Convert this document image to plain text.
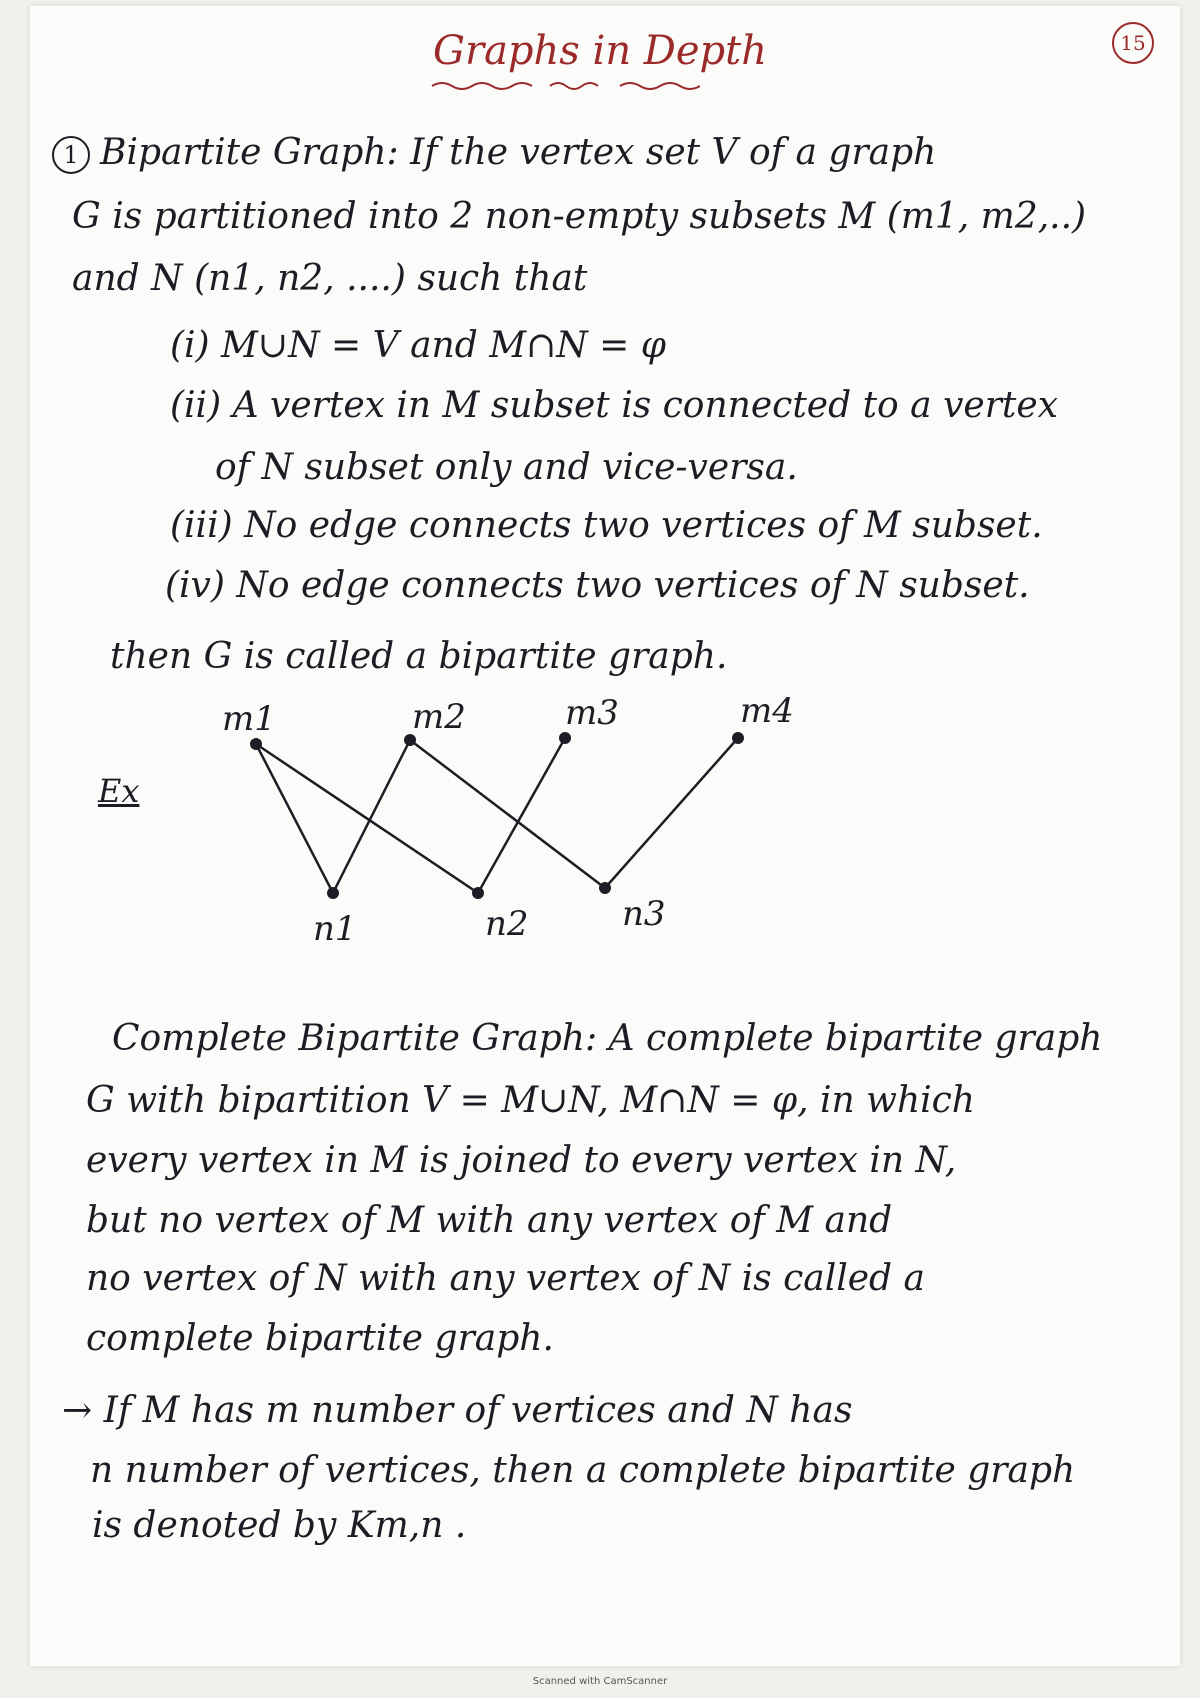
Graphs in Depth	15
1 Bipartite Graph: If the vertex set V of a graph
G is partitioned into 2 non-empty subsets M (m1, m2,..)
and N (n1, n2, ....) such that
(i) M∪N = V and M∩N = φ
(ii) A vertex in M subset is connected to a vertex
of N subset only and vice-versa.
(iii) No edge connects two vertices of M subset.
(iv) No edge connects two vertices of N subset.
then G is called a bipartite graph.
Ex
m1	m2	m3	m4
n1	n2	n3
Complete Bipartite Graph: A complete bipartite graph
G with bipartition V = M∪N, M∩N = φ, in which
every vertex in M is joined to every vertex in N,
but no vertex of M with any vertex of M and
no vertex of N with any vertex of N is called a
complete bipartite graph.
→ If M has m number of vertices and N has
n number of vertices, then a complete bipartite graph
is denoted by Km,n .
Scanned with CamScanner
